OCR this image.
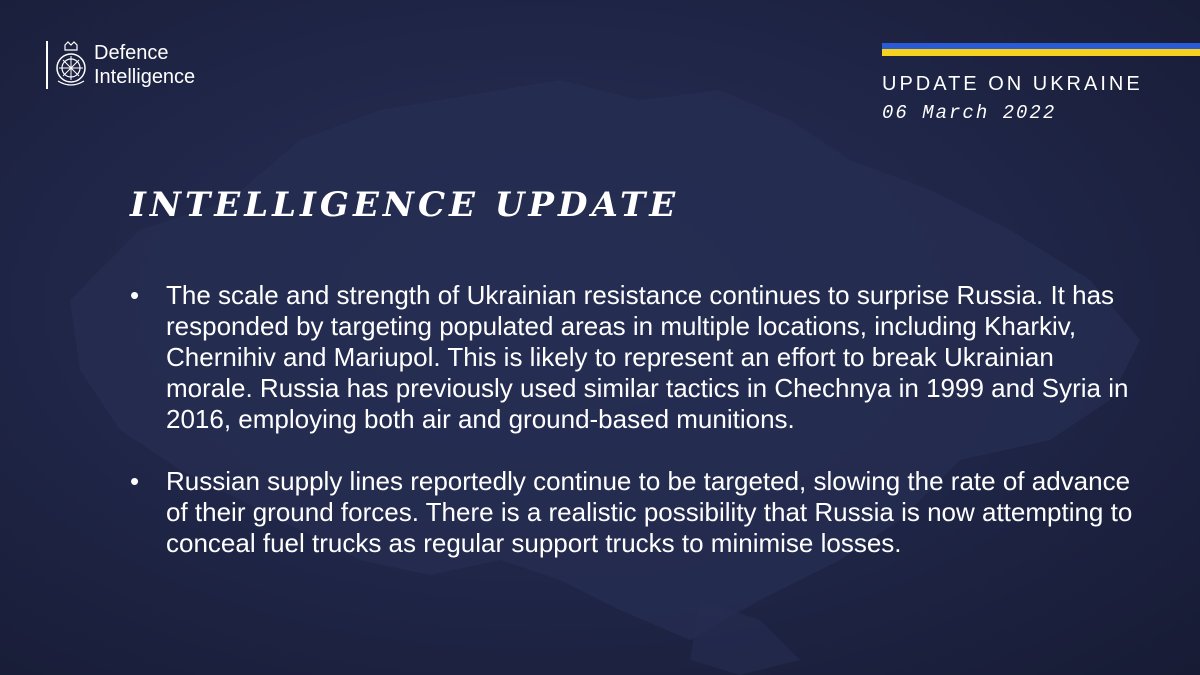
Defence
Intelligence	UPDATE ON UKRAINE
06 March 2022
INTELLIGENCE UPDATE
• The scale and strength of Ukrainian resistance continues to surprise Russia. It has responded by targeting populated areas in multiple locations, including Kharkiv, Chernihiv and Mariupol. This is likely to represent an effort to break Ukrainian morale. Russia has previously used similar tactics in Chechnya in 1999 and Syria in 2016, employing both air and ground-based munitions.
• Russian supply lines reportedly continue to be targeted, slowing the rate of advance of their ground forces. There is a realistic possibility that Russia is now attempting to conceal fuel trucks as regular support trucks to minimise losses.
